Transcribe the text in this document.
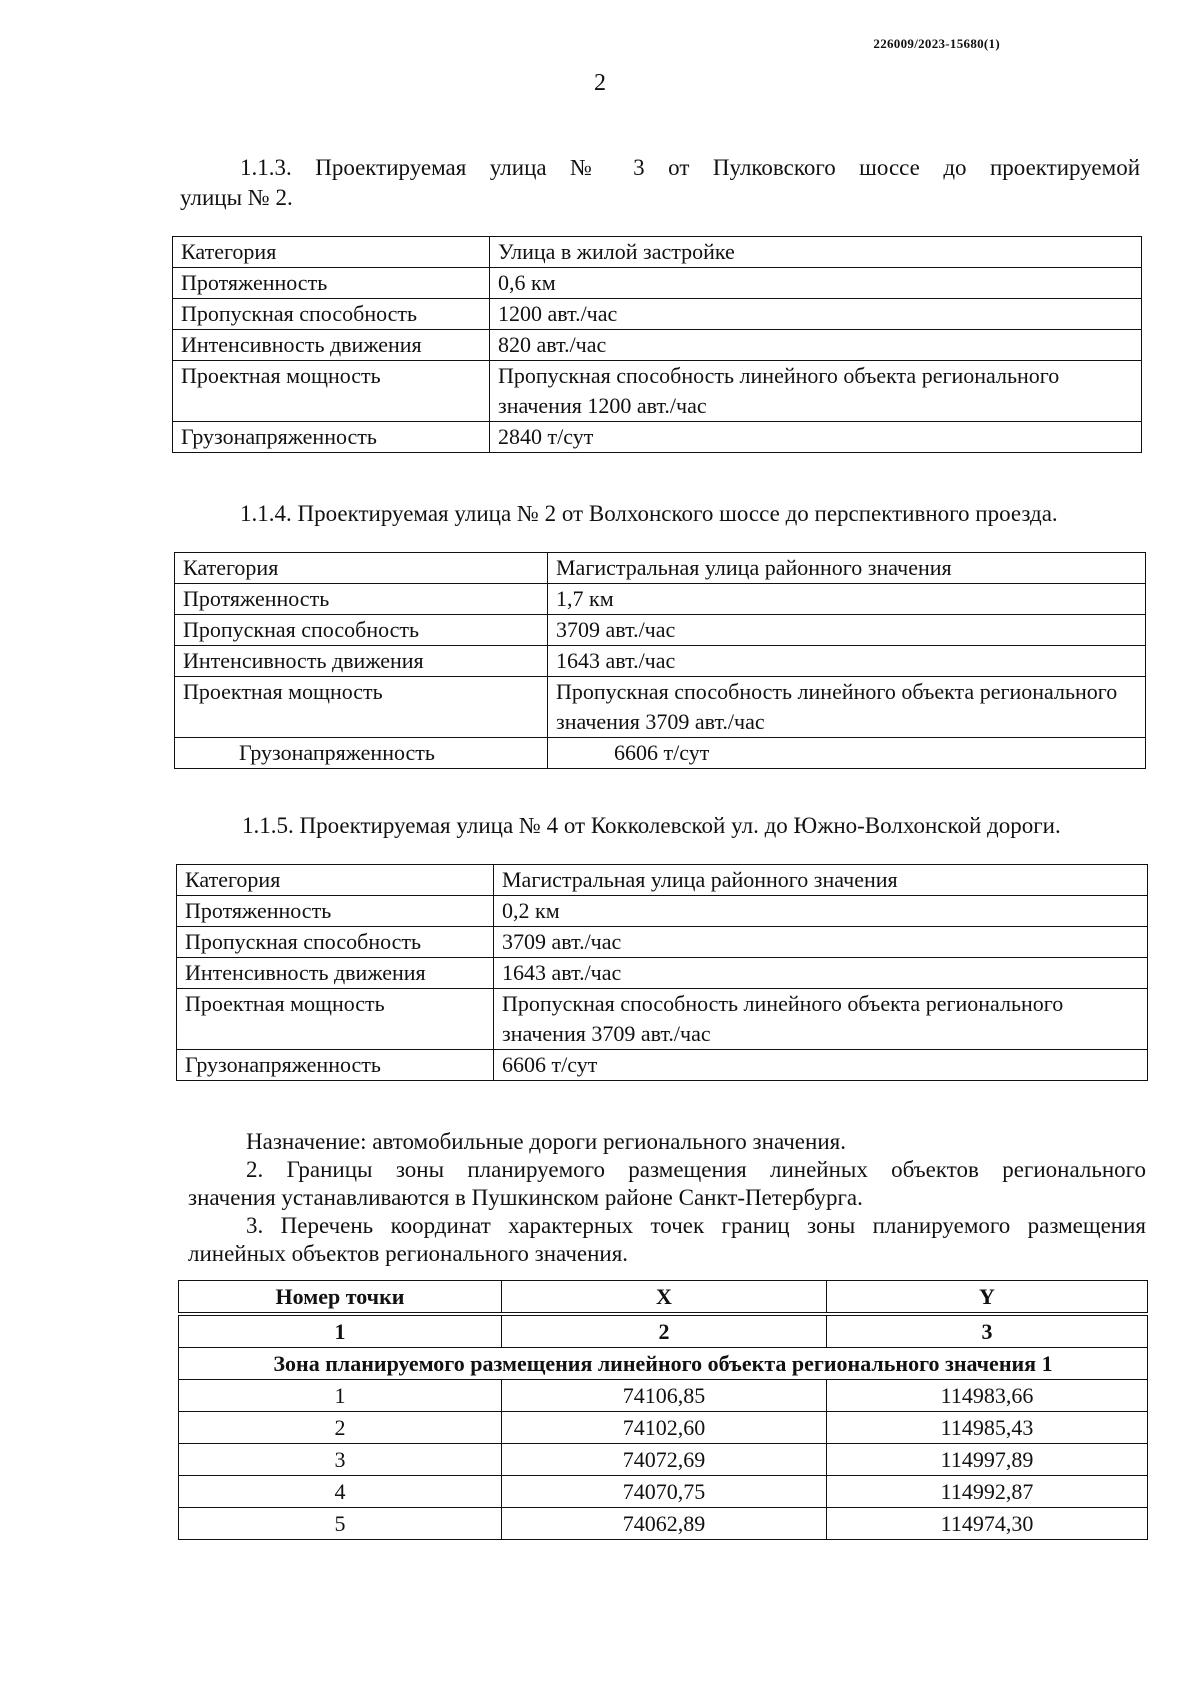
226009/2023-15680(1)
2
1.1.3. Проектируемая улица № 3 от Пулковского шоссе до проектируемой
улицы № 2.
Категория	Улица в жилой застройке
Протяженность	0,6 км
Пропускная способность	1200 авт./час
Интенсивность движения	820 авт./час
Проектная мощность	Пропускная способность линейного объекта регионального
значения 1200 авт./час

Грузонапряженность	2840 т/сут
1.1.4. Проектируемая улица № 2 от Волхонского шоссе до перспективного проезда.
Категория	Магистральная улица районного значения
Протяженность	1,7 км
Пропускная способность	3709 авт./час
Интенсивность движения	1643 авт./час
Проектная мощность	Пропускная способность линейного объекта регионального
значения 3709 авт./час

Грузонапряженность	6606 т/сут
1.1.5. Проектируемая улица № 4 от Кокколевской ул. до Южно-Волхонской дороги.
Категория	Магистральная улица районного значения
Протяженность	0,2 км
Пропускная способность	3709 авт./час
Интенсивность движения	1643 авт./час
Проектная мощность	Пропускная способность линейного объекта регионального
значения 3709 авт./час

Грузонапряженность	6606 т/сут
Назначение: автомобильные дороги регионального значения.
2. Границы зоны планируемого размещения линейных объектов регионального
значения устанавливаются в Пушкинском районе Санкт-Петербурга.
3. Перечень координат характерных точек границ зоны планируемого размещения
линейных объектов регионального значения.
Номер точки	X	Y

1	2	3
Зона планируемого размещения линейного объекта регионального значения 1		
1	74106,85	114983,66
2	74102,60	114985,43
3	74072,69	114997,89
4	74070,75	114992,87
5	74062,89	114974,30
